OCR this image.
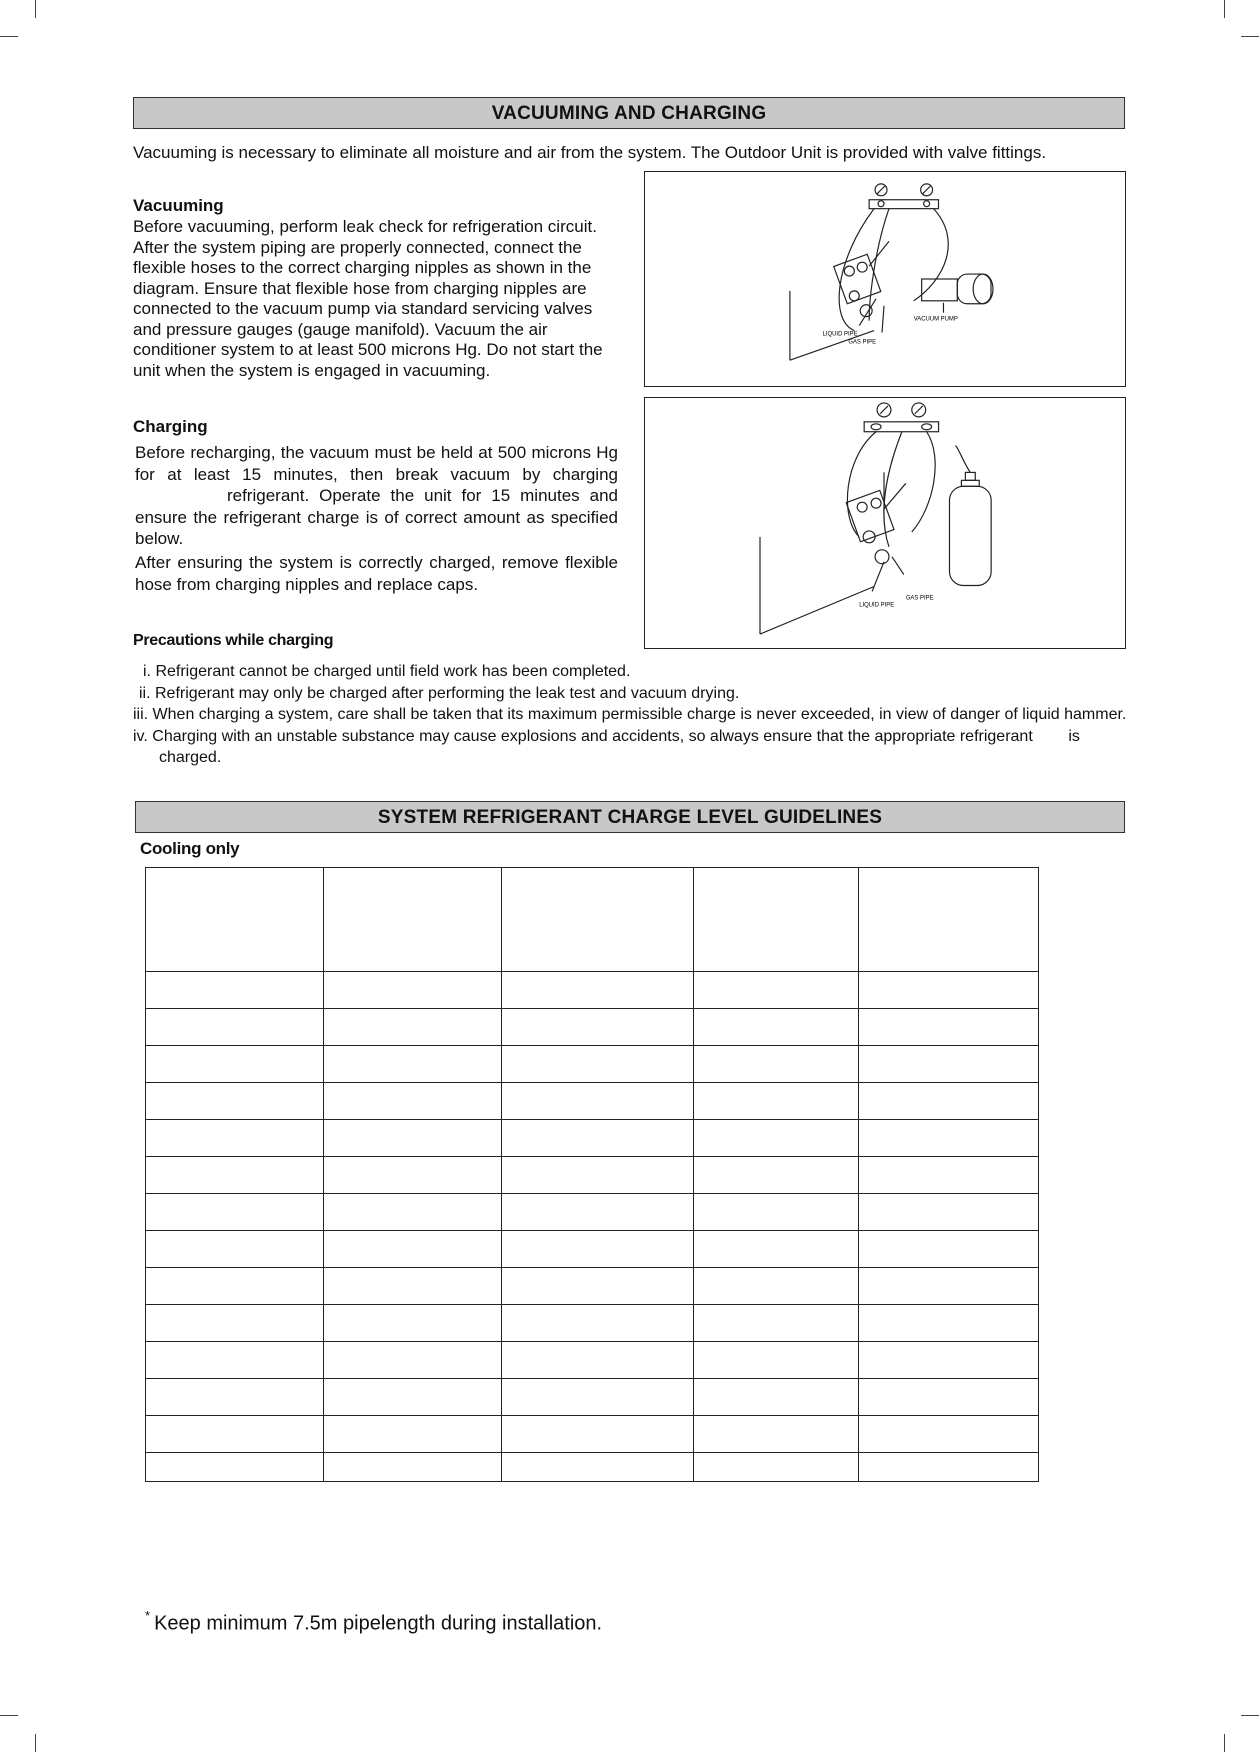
VACUUMING AND CHARGING
Vacuuming is necessary to eliminate all moisture and air from the system. The Outdoor Unit is provided with valve fittings.
Vacuuming
Before vacuuming, perform leak check for refrigeration circuit. After the system piping are properly connected, connect the flexible hoses to the correct charging nipples as shown in the diagram. Ensure that flexible hose from charging nipples are connected to the vacuum pump via standard servicing valves and pressure gauges (gauge manifold). Vacuum the air conditioner system to at least 500 microns Hg. Do not start the unit when the system is engaged in vacuuming.
Charging
Before recharging, the vacuum must be held at 500 microns Hg for at least 15 minutes, then break vacuum by charging  refrigerant. Operate the unit for 15 minutes and ensure the refrigerant charge is of correct amount as specified below.
After ensuring the system is correctly charged, remove flexible hose from charging nipples and replace caps.
VACUUM PUMP
LIQUID PIPE
GAS PIPE
LIQUID PIPE
GAS PIPE
Precautions while charging
i. Refrigerant cannot be charged until field work has been completed.
ii. Refrigerant may only be charged after performing the leak test and vacuum drying.
iii. When charging a system, care shall be taken that its maximum permissible charge is never exceeded, in view of danger of liquid hammer.
iv. Charging with an unstable substance may cause explosions and accidents, so always ensure that the appropriate refrigerant        is charged.
SYSTEM REFRIGERANT CHARGE LEVEL GUIDELINES
Cooling only

* Keep minimum 7.5m pipelength during installation.
